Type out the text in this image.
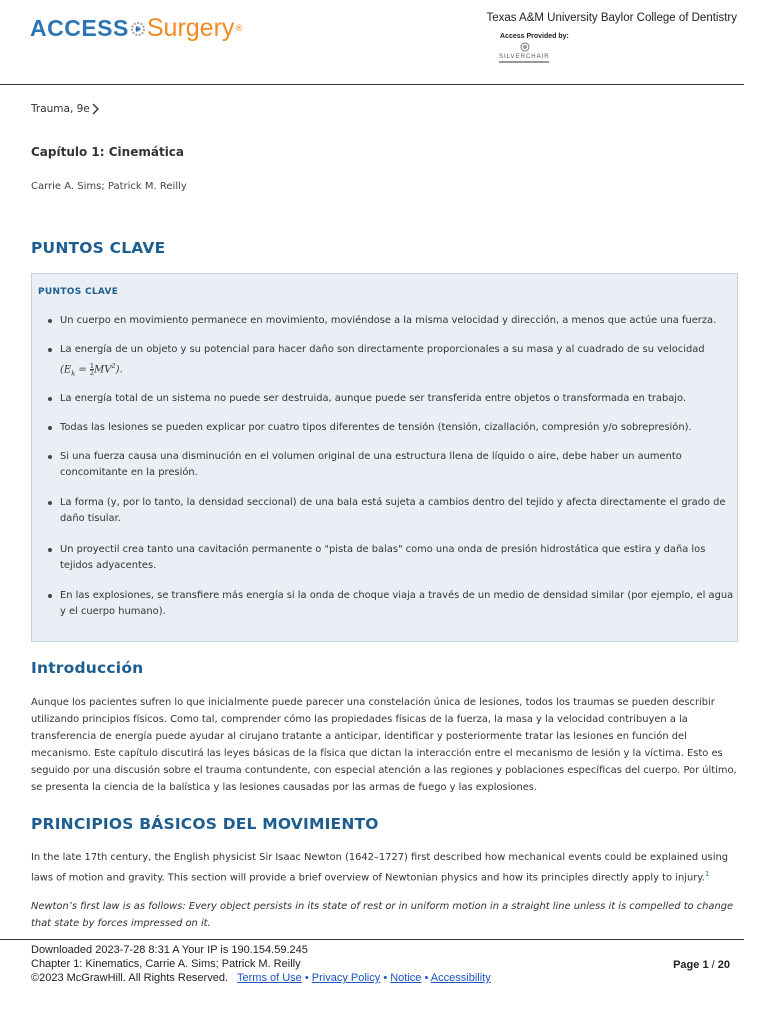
ACCESS Surgery ®
Texas A&M University Baylor College of Dentistry
Access Provided by:
SILVERCHAIR
Trauma, 9e
Capítulo 1: Cinemática
Carrie A. Sims; Patrick M. Reilly
PUNTOS CLAVE
PUNTOS CLAVE
Un cuerpo en movimiento permanece en movimiento, moviéndose a la misma velocidad y dirección, a menos que actúe una fuerza.
La energía de un objeto y su potencial para hacer daño son directamente proporcionales a su masa y al cuadrado de su velocidad
$(E_k = \frac{1}{2} MV^2)$.
La energía total de un sistema no puede ser destruida, aunque puede ser transferida entre objetos o transformada en trabajo.
Todas las lesiones se pueden explicar por cuatro tipos diferentes de tensión (tensión, cizallación, compresión y/o sobrepresión).
Si una fuerza causa una disminución en el volumen original de una estructura llena de líquido o aire, debe haber un aumento concomitante en la presión.
La forma (y, por lo tanto, la densidad seccional) de una bala está sujeta a cambios dentro del tejido y afecta directamente el grado de daño tisular.
Un proyectil crea tanto una cavitación permanente o "pista de balas" como una onda de presión hidrostática que estira y daña los tejidos adyacentes.
En las explosiones, se transfiere más energía si la onda de choque viaja a través de un medio de densidad similar (por ejemplo, el agua y el cuerpo humano).
Introducción
Aunque los pacientes sufren lo que inicialmente puede parecer una constelación única de lesiones, todos los traumas se pueden describir utilizando principios físicos. Como tal, comprender cómo las propiedades físicas de la fuerza, la masa y la velocidad contribuyen a la transferencia de energía puede ayudar al cirujano tratante a anticipar, identificar y posteriormente tratar las lesiones en función del mecanismo. Este capítulo discutirá las leyes básicas de la física que dictan la interacción entre el mecanismo de lesión y la víctima. Esto es seguido por una discusión sobre el trauma contundente, con especial atención a las regiones y poblaciones específicas del cuerpo. Por último, se presenta la ciencia de la balística y las lesiones causadas por las armas de fuego y las explosiones.
PRINCIPIOS BÁSICOS DEL MOVIMIENTO
In the late 17th century, the English physicist Sir Isaac Newton (1642–1727) first described how mechanical events could be explained using laws of motion and gravity. This section will provide a brief overview of Newtonian physics and how its principles directly apply to injury.$^1$
Newton’s first law is as follows: Every object persists in its state of rest or in uniform motion in a straight line unless it is compelled to change that state by forces impressed on it.
Downloaded 2023-7-28 8:31 A Your IP is 190.154.59.245
Chapter 1: Kinematics, Carrie A. Sims; Patrick M. Reilly
©2023 McGrawHill. All Rights Reserved. Terms of Use • Privacy Policy • Notice • Accessibility
Page 1 / 20
